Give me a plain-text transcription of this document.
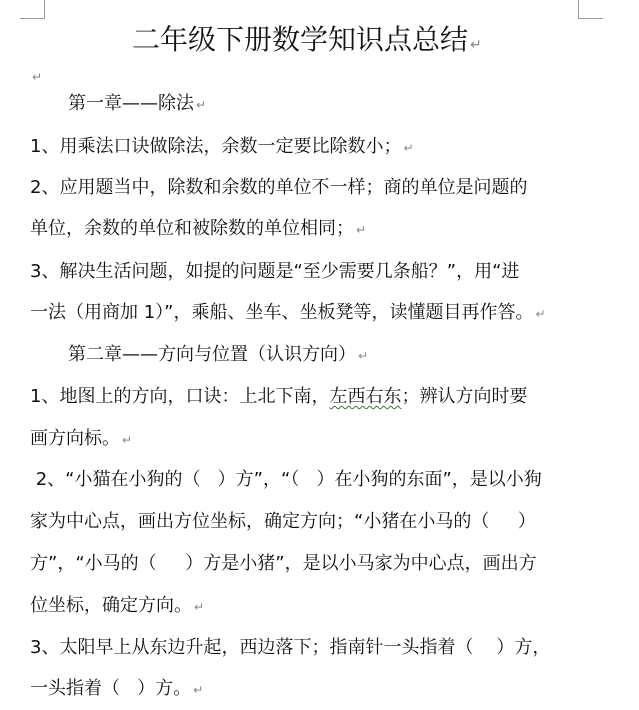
二年级下册数学知识点总结 ↵
↵
第一章——除法 ↵
1、用乘法口诀做除法，余数一定要比除数小； ↵
2、应用题当中，除数和余数的单位不一样；商的单位是问题的
单位，余数的单位和被除数的单位相同； ↵
3、解决生活问题，如提的问题是“至少需要几条船？”，用“进
一法（用商加 1）”，乘船、坐车、坐板凳等，读懂题目再作答。 ↵
第二章——方向与位置（认识方向） ↵
1、地图上的方向，口诀：上北下南，左西右东；辨认方向时要
画方向标。 ↵
2、“小猫在小狗的（   ）方”，“（   ）在小狗的东面”，是以小狗
家为中心点，画出方位坐标，确定方向；“小猪在小马的（     ）
方”，“小马的（     ）方是小猪”，是以小马家为中心点，画出方
位坐标，确定方向。 ↵
3、太阳早上从东边升起，西边落下；指南针一头指着（    ）方，
一头指着（   ）方。 ↵
